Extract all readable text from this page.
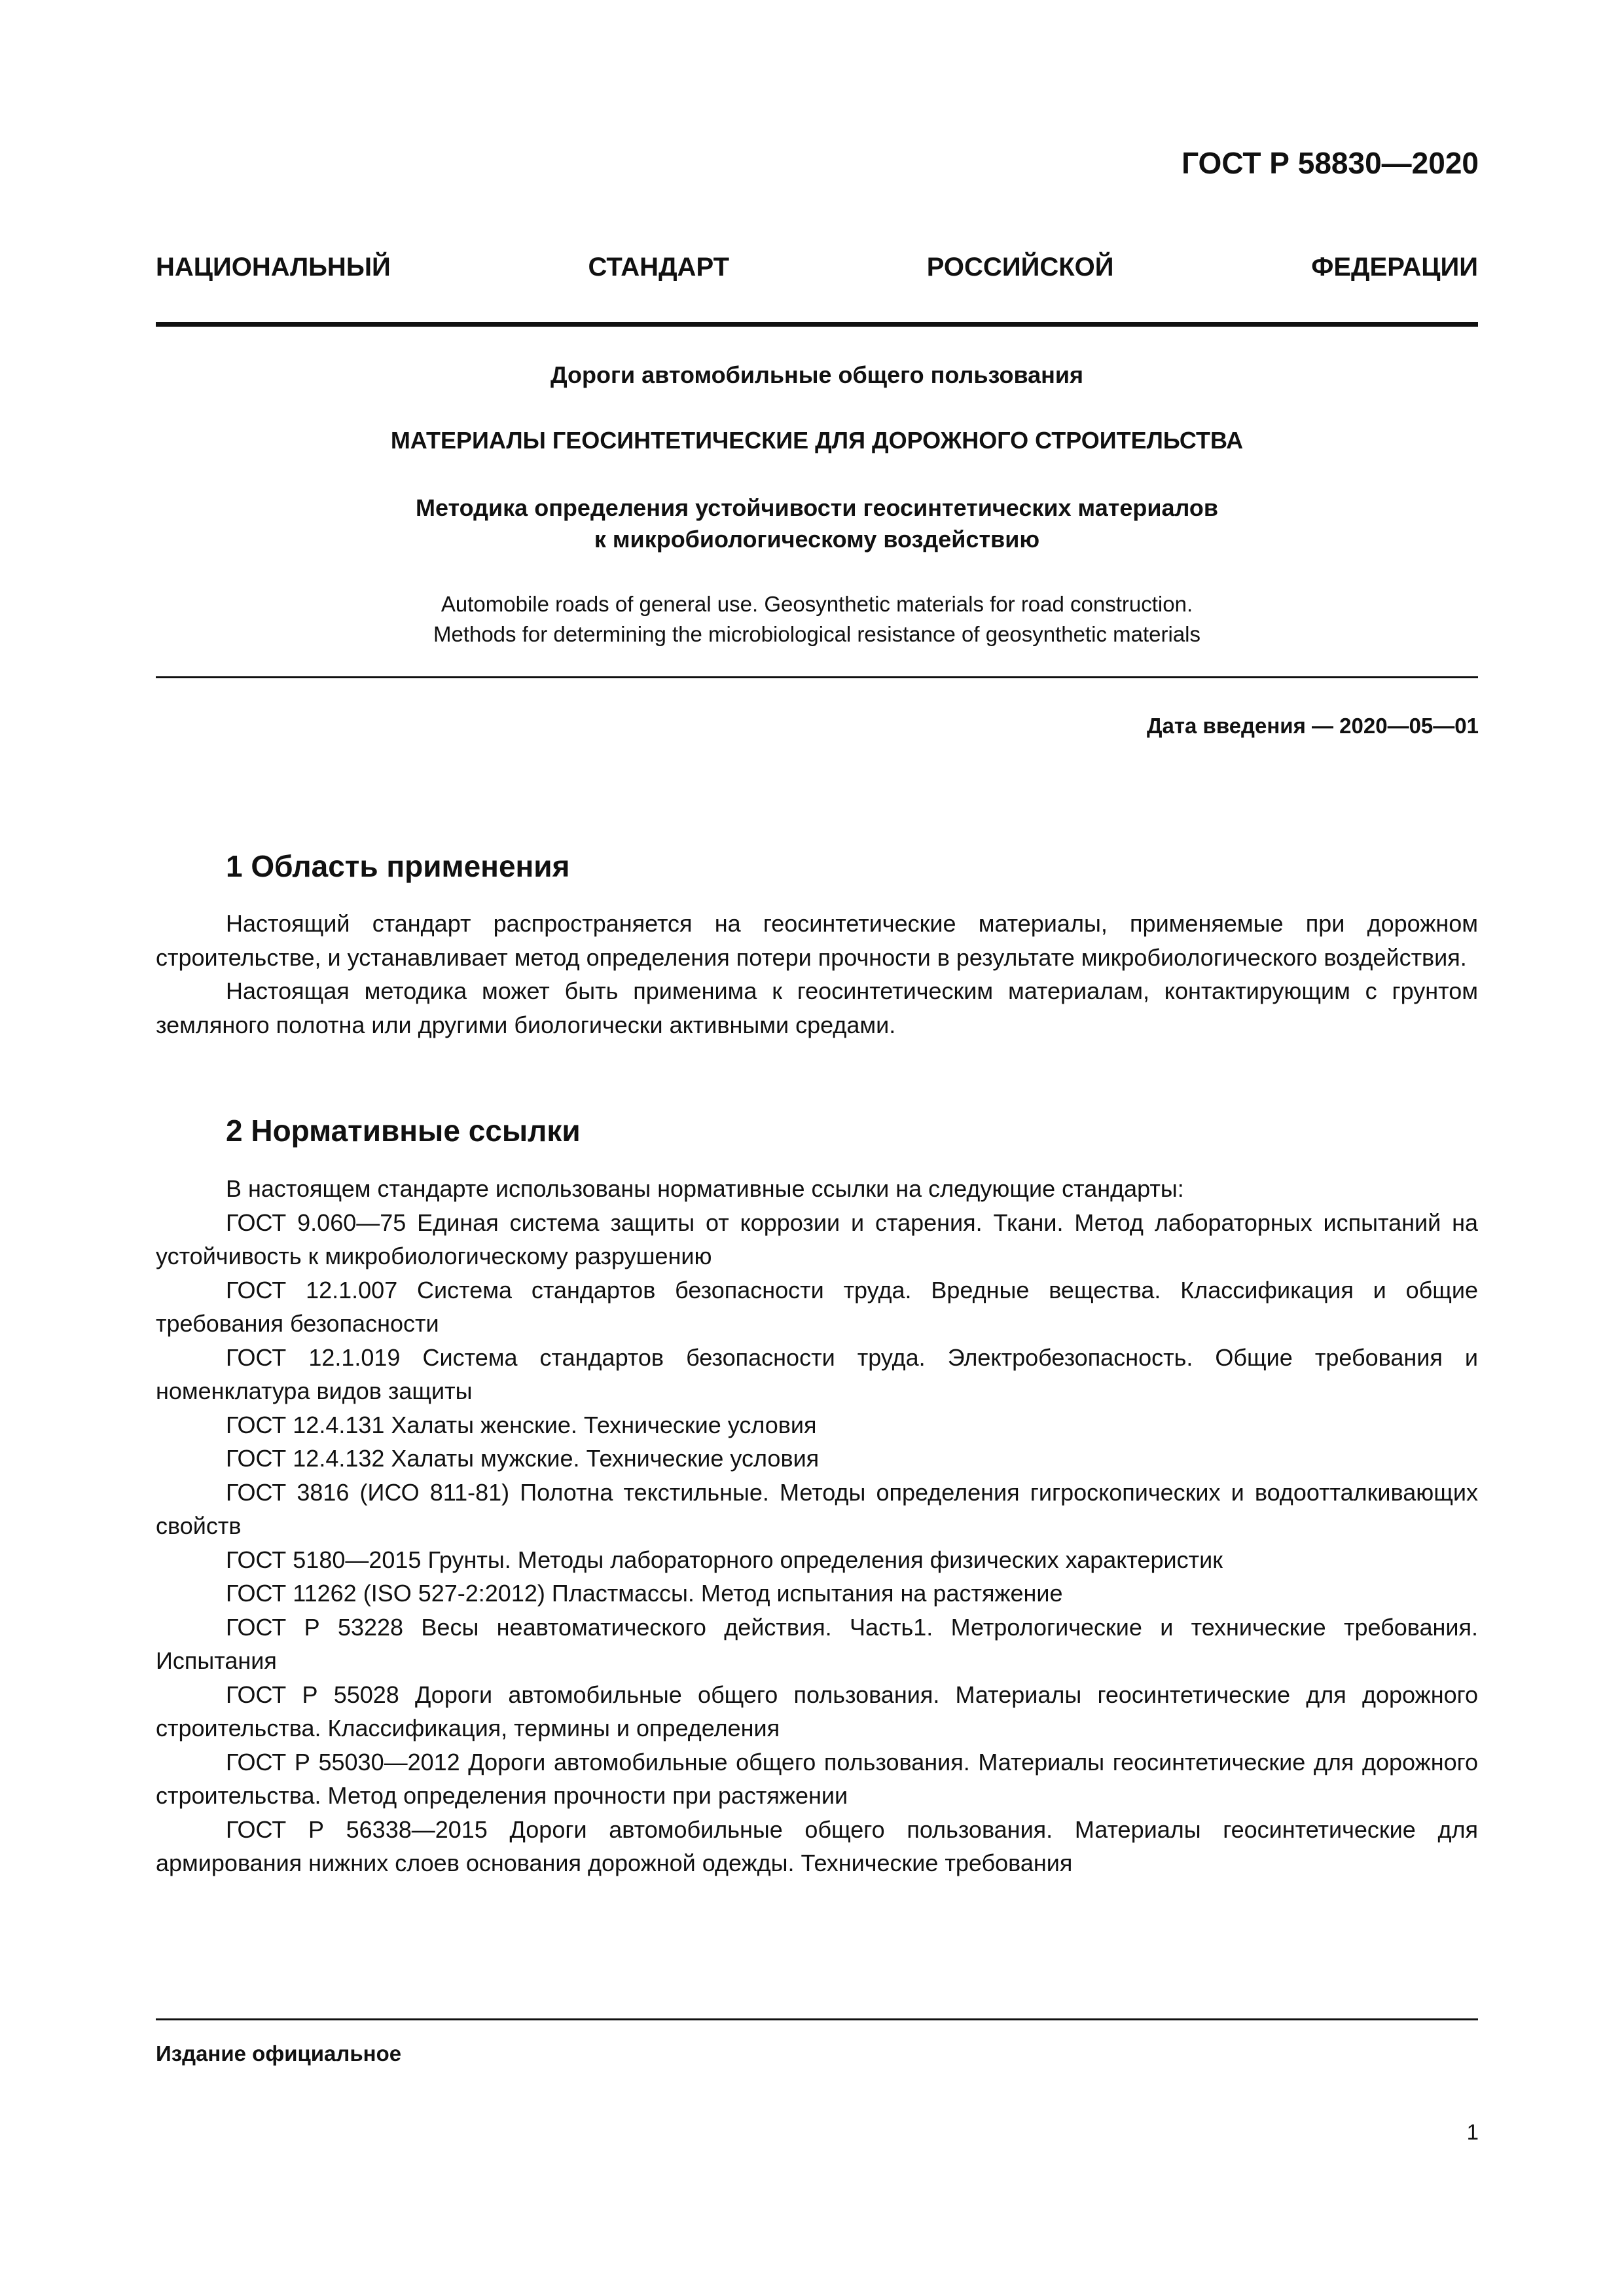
ГОСТ Р 58830—2020
НАЦИОНАЛЬНЫЙ	СТАНДАРТ	РОССИЙСКОЙ	ФЕДЕРАЦИИ
Дороги автомобильные общего пользования
МАТЕРИАЛЫ ГЕОСИНТЕТИЧЕСКИЕ ДЛЯ ДОРОЖНОГО СТРОИТЕЛЬСТВА
Методика определения устойчивости геосинтетических материалов
к микробиологическому воздействию
Automobile roads of general use. Geosynthetic materials for road construction.
Methods for determining the microbiological resistance of geosynthetic materials
Дата введения — 2020—05—01
1 Область применения

Настоящий стандарт распространяется на геосинтетические материалы, применяемые при дорожном строительстве, и устанавливает метод определения потери прочности в результате микробиологического воздействия.

Настоящая методика может быть применима к геосинтетическим материалам, контактирующим с грунтом земляного полотна или другими биологически активными средами.

2 Нормативные ссылки

В настоящем стандарте использованы нормативные ссылки на следующие стандарты:

ГОСТ 9.060—75 Единая система защиты от коррозии и старения. Ткани. Метод лабораторных испытаний на устойчивость к микробиологическому разрушению

ГОСТ 12.1.007 Система стандартов безопасности труда. Вредные вещества. Классификация и общие требования безопасности

ГОСТ 12.1.019 Система стандартов безопасности труда. Электробезопасность. Общие требования и номенклатура видов защиты

ГОСТ 12.4.131 Халаты женские. Технические условия

ГОСТ 12.4.132 Халаты мужские. Технические условия

ГОСТ 3816 (ИСО 811-81) Полотна текстильные. Методы определения гигроскопических и водоотталкивающих свойств

ГОСТ 5180—2015 Грунты. Методы лабораторного определения физических характеристик

ГОСТ 11262 (ISO 527-2:2012) Пластмассы. Метод испытания на растяжение

ГОСТ Р 53228 Весы неавтоматического действия. Часть1. Метрологические и технические требования. Испытания

ГОСТ Р 55028 Дороги автомобильные общего пользования. Материалы геосинтетические для дорожного строительства. Классификация, термины и определения

ГОСТ Р 55030—2012 Дороги автомобильные общего пользования. Материалы геосинтетические для дорожного строительства. Метод определения прочности при растяжении

ГОСТ Р 56338—2015 Дороги автомобильные общего пользования. Материалы геосинтетические для армирования нижних слоев основания дорожной одежды. Технические требования

Издание официальное
1
